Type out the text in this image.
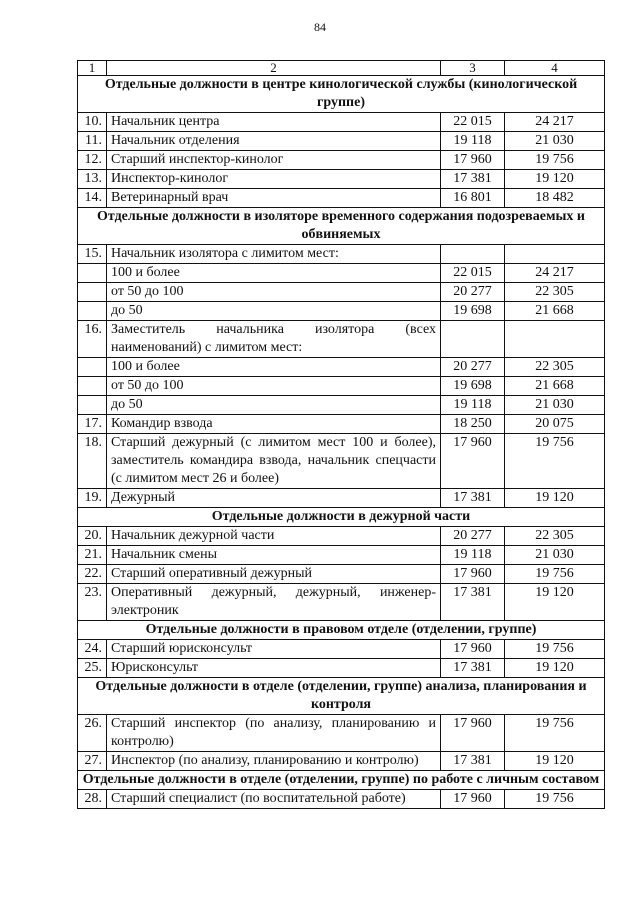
84
1	2	3	4
Отдельные должности в центре кинологической службы (кинологической группе)			
10.	Начальник центра	22 015	24 217
11.	Начальник отделения	19 118	21 030
12.	Старший инспектор-кинолог	17 960	19 756
13.	Инспектор-кинолог	17 381	19 120
14.	Ветеринарный врач	16 801	18 482
Отдельные должности в изоляторе временного содержания подозреваемых и обвиняемых			
15.	Начальник изолятора с лимитом мест:		
	100 и более	22 015	24 217
	от 50 до 100	20 277	22 305
	до 50	19 698	21 668
16.	Заместитель начальника изолятора (всех наименований) с лимитом мест:		
	100 и более	20 277	22 305
	от 50 до 100	19 698	21 668
	до 50	19 118	21 030
17.	Командир взвода	18 250	20 075
18.	Старший дежурный (с лимитом мест 100 и более), заместитель командира взвода, начальник спецчасти (с лимитом мест 26 и более)	17 960	19 756
19.	Дежурный	17 381	19 120
Отдельные должности в дежурной части			
20.	Начальник дежурной части	20 277	22 305
21.	Начальник смены	19 118	21 030
22.	Старший оперативный дежурный	17 960	19 756
23.	Оперативный дежурный, дежурный, инженер-электроник	17 381	19 120
Отдельные должности в правовом отделе (отделении, группе)			
24.	Старший юрисконсульт	17 960	19 756
25.	Юрисконсульт	17 381	19 120
Отдельные должности в отделе (отделении, группе) анализа, планирования и контроля			
26.	Старший инспектор (по анализу, планированию и контролю)	17 960	19 756
27.	Инспектор (по анализу, планированию и контролю)	17 381	19 120
Отдельные должности в отделе (отделении, группе) по работе с личным составом			
28.	Старший специалист (по воспитательной работе)	17 960	19 756
